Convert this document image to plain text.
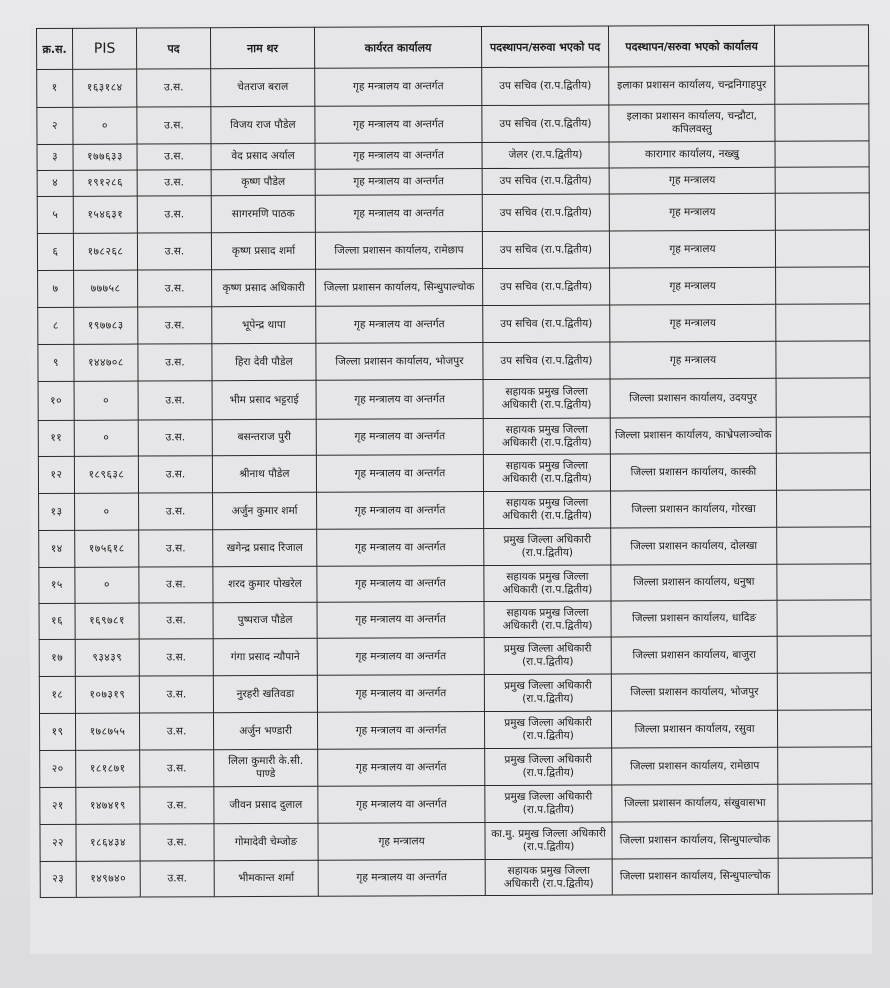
क्र.स.	PIS	पद	नाम थर	कार्यरत कार्यालय	पदस्थापन/सरुवा भएको पद	पदस्थापन/सरुवा भएको कार्यालय	
१	१६३१८४	उ.स.	चेतराज बराल	गृह मन्त्रालय वा अन्तर्गत	उप सचिव (रा.प.द्वितीय)	इलाका प्रशासन कार्यालय, चन्द्रनिगाहपुर	
२	०	उ.स.	विजय राज पौडेल	गृह मन्त्रालय वा अन्तर्गत	उप सचिव (रा.प.द्वितीय)	इलाका प्रशासन कार्यालय, चन्द्रौटा, कपिलवस्तु	
३	१७७६३३	उ.स.	वेद प्रसाद अर्याल	गृह मन्त्रालय वा अन्तर्गत	जेलर (रा.प.द्वितीय)	कारागार कार्यालय, नख्खु	
४	१९१२८६	उ.स.	कृष्ण पौडेल	गृह मन्त्रालय वा अन्तर्गत	उप सचिव (रा.प.द्वितीय)	गृह मन्त्रालय	
५	१५४६३१	उ.स.	सागरमणि पाठक	गृह मन्त्रालय वा अन्तर्गत	उप सचिव (रा.प.द्वितीय)	गृह मन्त्रालय	
६	१७८२६८	उ.स.	कृष्ण प्रसाद शर्मा	जिल्ला प्रशासन कार्यालय, रामेछाप	उप सचिव (रा.प.द्वितीय)	गृह मन्त्रालय	
७	७७७५८	उ.स.	कृष्ण प्रसाद अधिकारी	जिल्ला प्रशासन कार्यालय, सिन्धुपाल्चोक	उप सचिव (रा.प.द्वितीय)	गृह मन्त्रालय	
८	१९७७८३	उ.स.	भूपेन्द्र थापा	गृह मन्त्रालय वा अन्तर्गत	उप सचिव (रा.प.द्वितीय)	गृह मन्त्रालय	
९	१४४७०८	उ.स.	हिरा देवी पौडेल	जिल्ला प्रशासन कार्यालय, भोजपुर	उप सचिव (रा.प.द्वितीय)	गृह मन्त्रालय	
१०	०	उ.स.	भीम प्रसाद भट्टराई	गृह मन्त्रालय वा अन्तर्गत	सहायक प्रमुख जिल्ला अधिकारी (रा.प.द्वितीय)	जिल्ला प्रशासन कार्यालय, उदयपुर	
११	०	उ.स.	बसन्तराज पुरी	गृह मन्त्रालय वा अन्तर्गत	सहायक प्रमुख जिल्ला अधिकारी (रा.प.द्वितीय)	जिल्ला प्रशासन कार्यालय, काभ्रेपलाञ्चोक	
१२	१८९६३८	उ.स.	श्रीनाथ पौडेल	गृह मन्त्रालय वा अन्तर्गत	सहायक प्रमुख जिल्ला अधिकारी (रा.प.द्वितीय)	जिल्ला प्रशासन कार्यालय, कास्की	
१३	०	उ.स.	अर्जुन कुमार शर्मा	गृह मन्त्रालय वा अन्तर्गत	सहायक प्रमुख जिल्ला अधिकारी (रा.प.द्वितीय)	जिल्ला प्रशासन कार्यालय, गोरखा	
१४	१७५६१८	उ.स.	खगेन्द्र प्रसाद रिजाल	गृह मन्त्रालय वा अन्तर्गत	प्रमुख जिल्ला अधिकारी (रा.प.द्वितीय)	जिल्ला प्रशासन कार्यालय, दोलखा	
१५	०	उ.स.	शरद कुमार पोखरेल	गृह मन्त्रालय वा अन्तर्गत	सहायक प्रमुख जिल्ला अधिकारी (रा.प.द्वितीय)	जिल्ला प्रशासन कार्यालय, धनुषा	
१६	१६९७८१	उ.स.	पुष्पराज पौडेल	गृह मन्त्रालय वा अन्तर्गत	सहायक प्रमुख जिल्ला अधिकारी (रा.प.द्वितीय)	जिल्ला प्रशासन कार्यालय, धादिङ	
१७	९३४३९	उ.स.	गंगा प्रसाद न्यौपाने	गृह मन्त्रालय वा अन्तर्गत	प्रमुख जिल्ला अधिकारी (रा.प.द्वितीय)	जिल्ला प्रशासन कार्यालय, बाजुरा	
१८	१०७३१९	उ.स.	नुरहरी खतिवडा	गृह मन्त्रालय वा अन्तर्गत	प्रमुख जिल्ला अधिकारी (रा.प.द्वितीय)	जिल्ला प्रशासन कार्यालय, भोजपुर	
१९	१७८७५५	उ.स.	अर्जुन भण्डारी	गृह मन्त्रालय वा अन्तर्गत	प्रमुख जिल्ला अधिकारी (रा.प.द्वितीय)	जिल्ला प्रशासन कार्यालय, रसुवा	
२०	१८१८७१	उ.स.	लिला कुमारी के.सी. पाण्डे	गृह मन्त्रालय वा अन्तर्गत	प्रमुख जिल्ला अधिकारी (रा.प.द्वितीय)	जिल्ला प्रशासन कार्यालय, रामेछाप	
२१	१४७४१९	उ.स.	जीवन प्रसाद दुलाल	गृह मन्त्रालय वा अन्तर्गत	प्रमुख जिल्ला अधिकारी (रा.प.द्वितीय)	जिल्ला प्रशासन कार्यालय, संखुवासभा	
२२	१८६४३४	उ.स.	गोमादेवी चेम्जोङ	गृह मन्त्रालय	का.मु. प्रमुख जिल्ला अधिकारी (रा.प.द्वितीय)	जिल्ला प्रशासन कार्यालय, सिन्धुपाल्चोक	
२३	१४९७४०	उ.स.	भीमकान्त शर्मा	गृह मन्त्रालय वा अन्तर्गत	सहायक प्रमुख जिल्ला अधिकारी (रा.प.द्वितीय)	जिल्ला प्रशासन कार्यालय, सिन्धुपाल्चोक	
